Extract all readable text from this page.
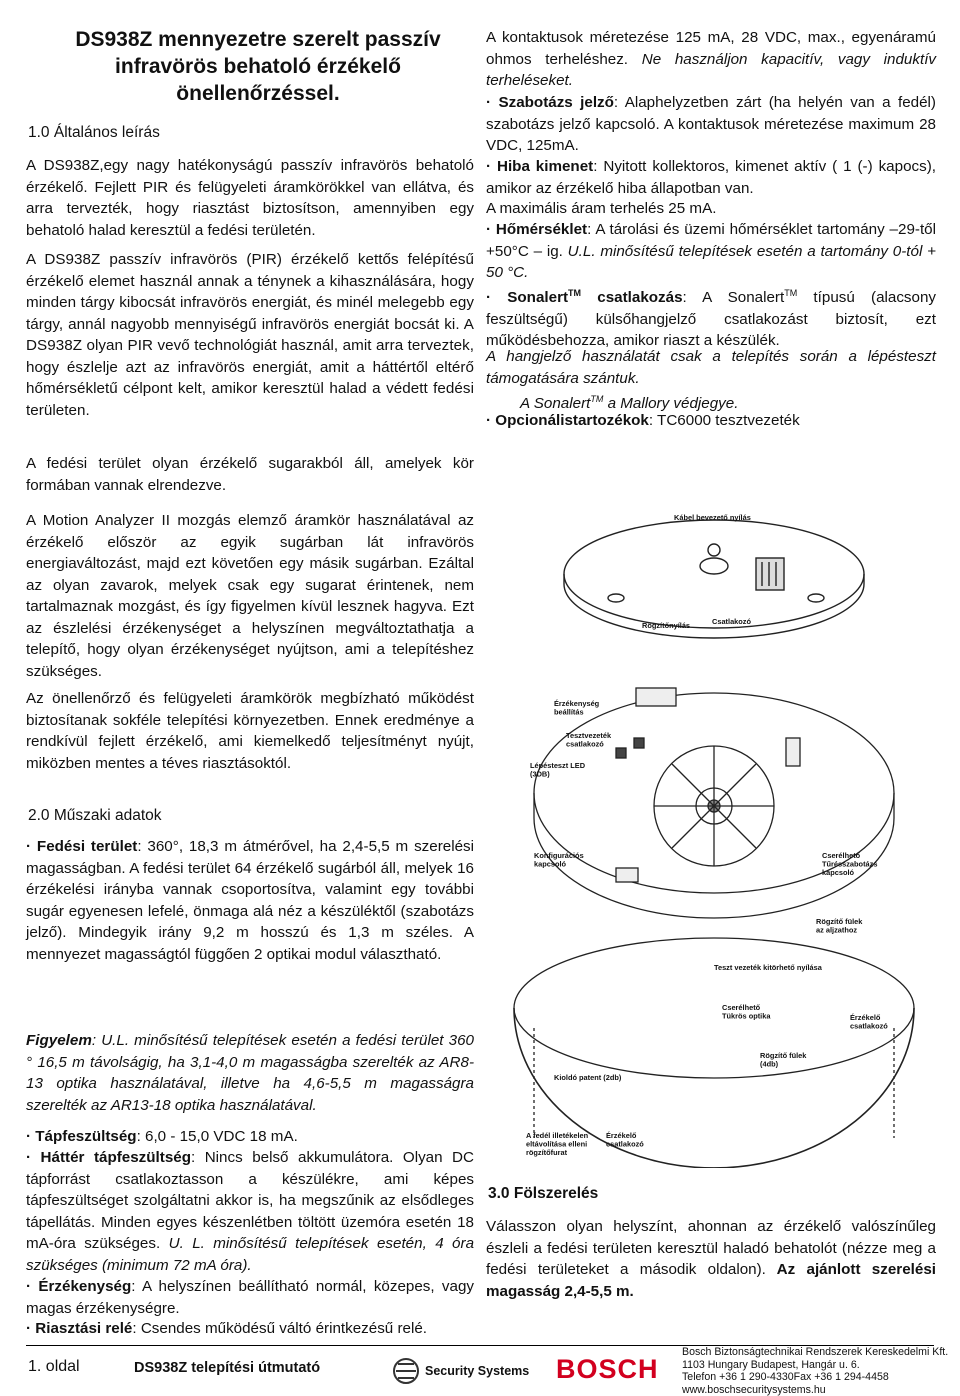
DS938Z mennyezetre szerelt passzív
infravörös behatoló érzékelő
önellenőrzéssel.
1.0 Általános leírás

A DS938Z,egy nagy hatékonyságú passzív infravörös behatoló érzékelő. Fejlett PIR és felügyeleti áramkörökkel van ellátva, és arra tervezték, hogy riasztást biztosítson, amennyiben egy behatoló halad keresztül a fedési területén.

A DS938Z passzív infravörös (PIR) érzékelő kettős felépítésű érzékelő elemet használ annak a ténynek a kihasználására, hogy minden tárgy kibocsát infravörös energiát, és minél melegebb egy tárgy, annál nagyobb mennyiségű infravörös energiát bocsát ki. A DS938Z olyan PIR vevő technológiát használ, amit arra terveztek, hogy észlelje azt az infravörös energiát, amit a háttértől eltérő hőmérsékletű célpont kelt, amikor keresztül halad a védett fedési területen.

A fedési terület olyan érzékelő sugarakból áll, amelyek kör formában vannak elrendezve.

A Motion Analyzer II mozgás elemző áramkör használatával az érzékelő először az egyik sugárban lát infravörös energiaváltozást, majd ezt követően egy másik sugárban. Ezáltal az olyan zavarok, melyek csak egy sugarat érintenek, nem tartalmaznak mozgást, és így figyelmen kívül lesznek hagyva. Ezt az észlelési érzékenységet a helyszínen megváltoztathatja a telepítő, hogy olyan érzékenységet nyújtson, ami a telepítéshez szükséges.

Az önellenőrző és felügyeleti áramkörök megbízható működést biztosítanak sokféle telepítési környezetben. Ennek eredménye a rendkívül fejlett érzékelő, ami kiemelkedő teljesítményt nyújt, miközben mentes a téves riasztásoktól.

2.0 Műszaki adatok

· Fedési terület: 360°, 18,3 m átmérővel, ha 2,4-5,5 m szerelési magasságban. A fedési terület 64 érzékelő sugárból áll, melyek 16 érzékelési irányba vannak csoportosítva, valamint egy további sugár egyenesen lefelé, önmaga alá néz a készüléktől (szabotázs jelző). Mindegyik irány 9,2 m hosszú és 1,3 m széles. A mennyezet magasságtól függően 2 optikai modul választható.

Figyelem: U.L. minősítésű telepítések esetén a fedési terület 360 ° 16,5 m távolságig, ha 3,1-4,0 m magasságba szerelték az AR8-13 optika használatával, illetve ha 4,6-5,5 m magasságra szerelték az AR13-18 optika használatával.

· Tápfeszültség: 6,0 - 15,0 VDC 18 mA.

· Háttér tápfeszültség: Nincs belső akkumulátora. Olyan DC tápforrást csatlakoztasson a készülékre, ami képes tápfeszültséget szolgáltatni akkor is, ha megszűnik az elsődleges tápellátás. Minden egyes készenlétben töltött üzemóra esetén 18 mA-óra szükséges. U. L. minősítésű telepítések esetén, 4 óra szükséges (minimum 72 mA óra).

· Érzékenység: A helyszínen beállítható normál, közepes, vagy magas érzékenységre.

· Riasztási relé: Csendes működésű váltó érintkezésű relé.

A kontaktusok méretezése 125 mA, 28 VDC, max., egyenáramú ohmos terheléshez. Ne használjon kapacitív, vagy induktív terheléseket.

· Szabotázs jelző: Alaphelyzetben zárt (ha helyén van a fedél) szabotázs jelző kapcsoló. A kontaktusok méretezése maximum 28 VDC, 125mA.

· Hiba kimenet: Nyitott kollektoros, kimenet aktív ( 1 (-) kapocs), amikor az érzékelő hiba állapotban van.

A maximális áram terhelés 25 mA.

· Hőmérséklet: A tárolási és üzemi hőmérséklet tartomány –29-től +50°C – ig. U.L. minősítésű telepítések esetén a tartomány 0-tól + 50 °C.

· Sonalert™ csatlakozás: A Sonalert™ típusú (alacsony feszültségű) külsőhangjelző csatlakozást biztosít, ezt működésbehozza, amikor riaszt a készülék.

A hangjelző használatát csak a telepítés során a lépésteszt támogatására szántuk.

A Sonalert™ a Mallory védjegye.

· Opcionálistartozékok: TC6000 tesztvezeték

3.0 Fölszerelés

Válasszon olyan helyszínt, ahonnan az érzékelő valószínűleg észleli a fedési területen keresztül haladó behatolót (nézze meg a fedési területeket a második oldalon). Az ajánlott szerelési magasság 2,4-5,5 m.

Kábel bevezető nyílás
Rögzítőnyílás	Csatlakozó
Érzékenység beállítás
Tesztvezeték csatlakozó
Lépésteszt LED (3DB)
Konfigurációs kapcsoló
Cserélhető Tűrésszabotázs kapcsoló
Rögzítő fülek az aljzathoz
Teszt vezeték kitörhető nyílása
Cserélhető Tükrös optika	Érzékelő csatlakozó
Rögzítő fülek (4db)
Kioldó patent (2db)
A fedél illetékelen eltávolítása elleni rögzítőfurat
Érzékelő csatlakozó
1. oldal	DS938Z telepítési útmutató	Security Systems BOSCH
Bosch Biztonságtechnikai Rendszerek Kereskedelmi Kft.
1103 Hungary Budapest, Hangár u. 6.
Telefon +36 1 290-4330Fax +36 1 294-4458
www.boschsecuritysystems.hu
